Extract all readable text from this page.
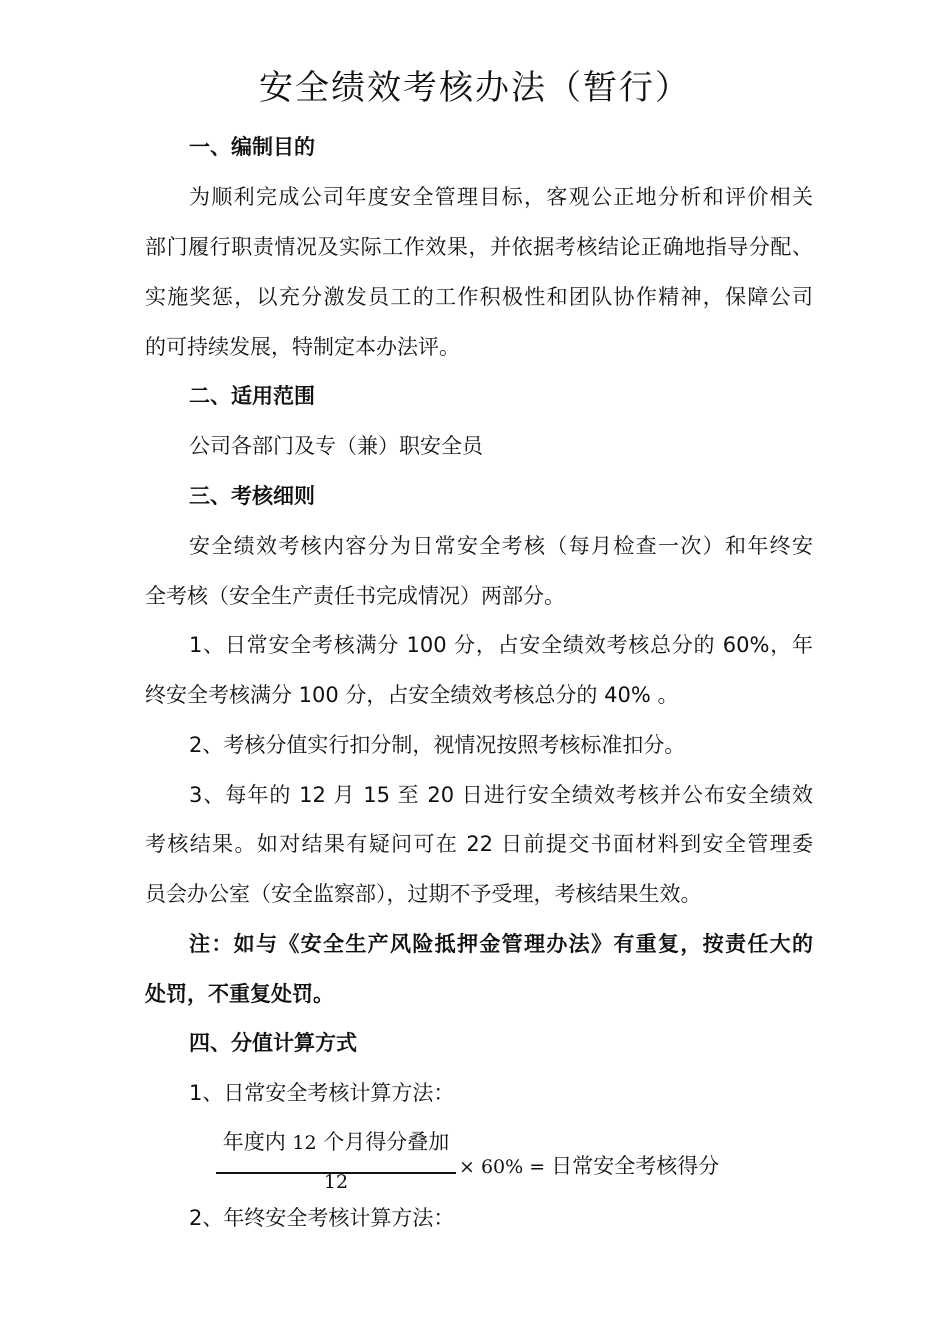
安全绩效考核办法（暂行）
一、编制目的
为顺利完成公司年度安全管理目标，客观公正地分析和评价相关
部门履行职责情况及实际工作效果，并依据考核结论正确地指导分配、
实施奖惩，以充分激发员工的工作积极性和团队协作精神，保障公司
的可持续发展，特制定本办法评。
二、适用范围
公司各部门及专（兼）职安全员
三、考核细则
安全绩效考核内容分为日常安全考核（每月检查一次）和年终安
全考核（安全生产责任书完成情况）两部分。
1、日常安全考核满分 100 分，占安全绩效考核总分的 60%，年
终安全考核满分 100 分，占安全绩效考核总分的 40% 。
2、考核分值实行扣分制，视情况按照考核标准扣分。
3、每年的 12 月 15 至 20 日进行安全绩效考核并公布安全绩效
考核结果。如对结果有疑问可在 22 日前提交书面材料到安全管理委
员会办公室（安全监察部），过期不予受理，考核结果生效。
注：如与《安全生产风险抵押金管理办法》有重复，按责任大的
处罚，不重复处罚。
四、分值计算方式
1、日常安全考核计算方法：
年度内 12 个月得分叠加
12
× 60% = 日常安全考核得分
2、年终安全考核计算方法：
